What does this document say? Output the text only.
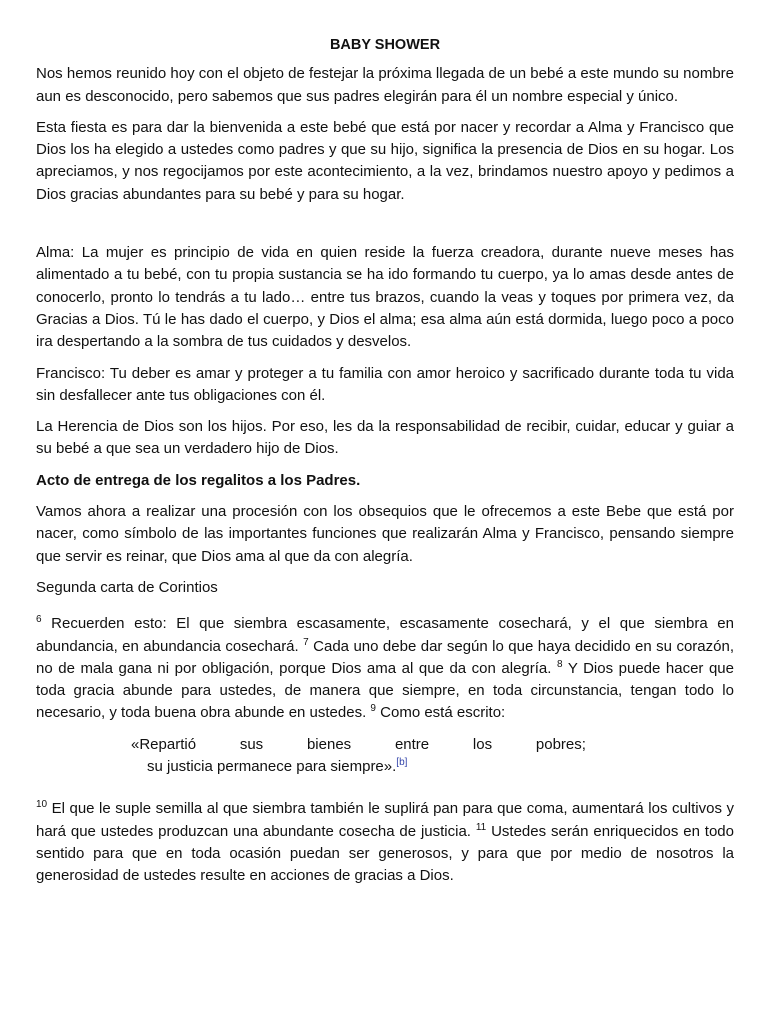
BABY SHOWER

Nos hemos reunido hoy con el objeto de festejar la próxima llegada de un bebé a este mundo su nombre aun es desconocido, pero sabemos que sus padres elegirán para él un nombre especial y único.

Esta fiesta es para dar la bienvenida a este bebé que está por nacer y recordar a Alma y Francisco que Dios los ha elegido a ustedes como padres y que su hijo, significa la presencia de Dios en su hogar. Los apreciamos, y nos regocijamos por este acontecimiento, a la vez, brindamos nuestro apoyo y pedimos a Dios gracias abundantes para su bebé y para su hogar.

Alma: La mujer es principio de vida en quien reside la fuerza creadora, durante nueve meses has alimentado a tu bebé, con tu propia sustancia se ha ido formando tu cuerpo, ya lo amas desde antes de conocerlo, pronto lo tendrás a tu lado… entre tus brazos, cuando la veas y toques por primera vez, da Gracias a Dios. Tú le has dado el cuerpo, y Dios el alma; esa alma aún está dormida, luego poco a poco ira despertando a la sombra de tus cuidados y desvelos.

Francisco: Tu deber es amar y proteger a tu familia con amor heroico y sacrificado durante toda tu vida sin desfallecer ante tus obligaciones con él.

La Herencia de Dios son los hijos. Por eso, les da la responsabilidad de recibir, cuidar, educar y guiar a su bebé a que sea un verdadero hijo de Dios.

Acto de entrega de los regalitos a los Padres.

Vamos ahora a realizar una procesión con los obsequios que le ofrecemos a este Bebe que está por nacer, como símbolo de las importantes funciones que realizarán Alma y Francisco, pensando siempre que servir es reinar, que Dios ama al que da con alegría.

Segunda carta de Corintios

$^6$ Recuerden esto: El que siembra escasamente, escasamente cosechará, y el que siembra en abundancia, en abundancia cosechará. $^7$ Cada uno debe dar según lo que haya decidido en su corazón, no de mala gana ni por obligación, porque Dios ama al que da con alegría. $^8$ Y Dios puede hacer que toda gracia abunde para ustedes, de manera que siempre, en toda circunstancia, tengan todo lo necesario, y toda buena obra abunde en ustedes. $^9$ Como está escrito:

«Repartió	sus	bienes	entre	los	pobres;
su justicia permanece para siempre».[b]

$^{10}$ El que le suple semilla al que siembra también le suplirá pan para que coma, aumentará los cultivos y hará que ustedes produzcan una abundante cosecha de justicia. $^{11}$ Ustedes serán enriquecidos en todo sentido para que en toda ocasión puedan ser generosos, y para que por medio de nosotros la generosidad de ustedes resulte en acciones de gracias a Dios.
